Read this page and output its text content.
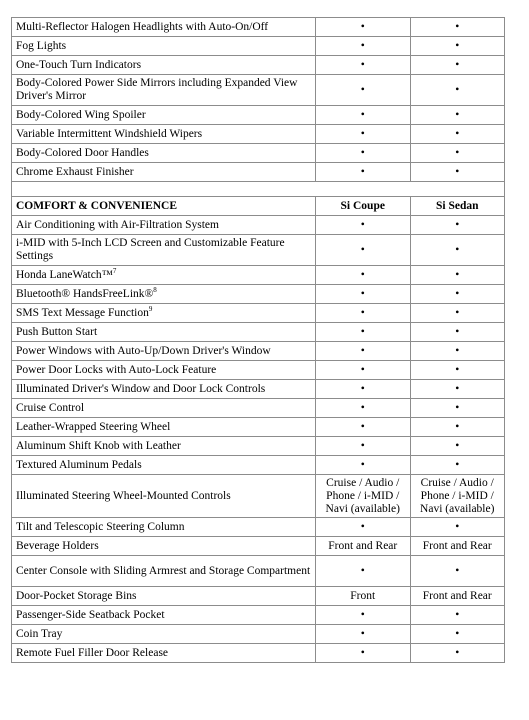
Multi-Reflector Halogen Headlights with Auto-On/Off	•	•
Fog Lights	•	•
One-Touch Turn Indicators	•	•
Body-Colored Power Side Mirrors including Expanded View Driver's Mirror	•	•
Body-Colored Wing Spoiler	•	•
Variable Intermittent Windshield Wipers	•	•
Body-Colored Door Handles	•	•
Chrome Exhaust Finisher	•	•

COMFORT & CONVENIENCE	Si Coupe	Si Sedan
Air Conditioning with Air-Filtration System	•	•
i-MID with 5-Inch LCD Screen and Customizable Feature Settings	•	•
Honda LaneWatch™$^7$	•	•
Bluetooth® HandsFreeLink®$^8$	•	•
SMS Text Message Function$^9$	•	•
Push Button Start	•	•
Power Windows with Auto-Up/Down Driver's Window	•	•
Power Door Locks with Auto-Lock Feature	•	•
Illuminated Driver's Window and Door Lock Controls	•	•
Cruise Control	•	•
Leather-Wrapped Steering Wheel	•	•
Aluminum Shift Knob with Leather	•	•
Textured Aluminum Pedals	•	•
Illuminated Steering Wheel-Mounted Controls	Cruise / Audio / Phone / i-MID / Navi (available)	Cruise / Audio / Phone / i-MID / Navi (available)
Tilt and Telescopic Steering Column	•	•
Beverage Holders	Front and Rear	Front and Rear
Center Console with Sliding Armrest and Storage Compartment	•	•
Door-Pocket Storage Bins	Front	Front and Rear
Passenger-Side Seatback Pocket	•	•
Coin Tray	•	•
Remote Fuel Filler Door Release	•	•
